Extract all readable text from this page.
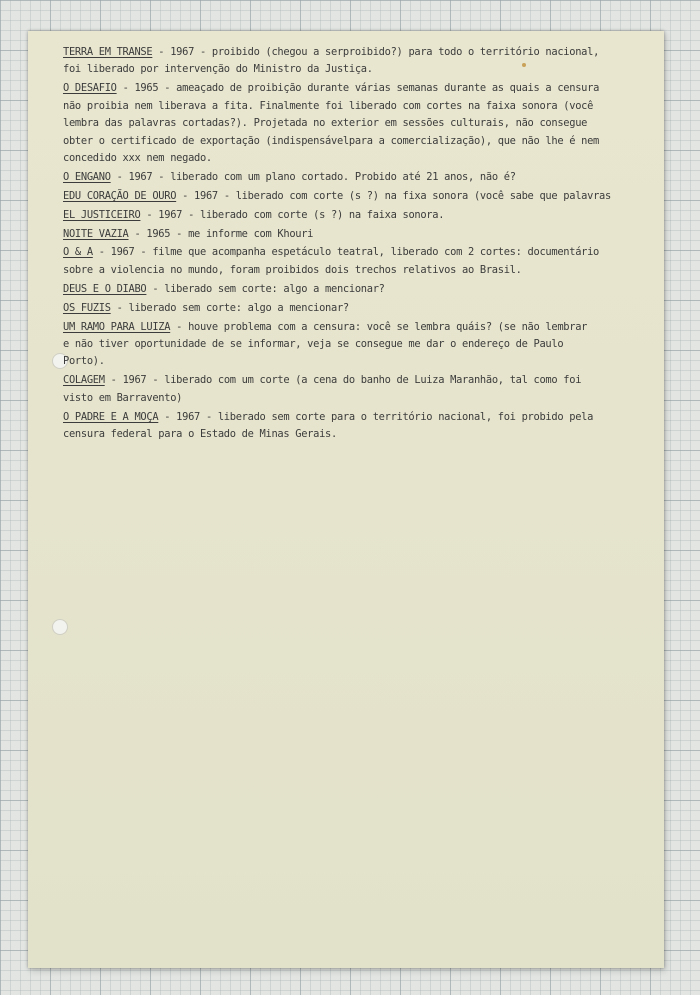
TERRA EM TRANSE - 1967 - proibido (chegou a serproibido?) para todo o território nacional,
foi liberado por intervenção do Ministro da Justiça.

O DESAFIO - 1965 - ameaçado de proibição durante várias semanas durante as quais a censura
não proibia nem liberava a fita. Finalmente foi liberado com cortes na faixa sonora (você
lembra das palavras cortadas?). Projetada no exterior em sessões culturais, não consegue
obter o certificado de exportação (indispensávelpara a comercialização), que não lhe é nem
concedido xxx nem negado.

O ENGANO - 1967 - liberado com um plano cortado. Probido até 21 anos, não é?

EDU CORAÇÃO DE OURO - 1967 - liberado com corte (s ?) na fixa sonora (você sabe que palavras

EL JUSTICEIRO - 1967 - liberado com corte (s ?) na faixa sonora.

NOITE VAZIA - 1965 - me informe com Khouri

O & A - 1967 - filme que acompanha espetáculo teatral, liberado com 2 cortes: documentário
sobre a violencia no mundo, foram proibidos dois trechos relativos ao Brasil.

DEUS E O DIABO - liberado sem corte: algo a mencionar?

OS FUZIS - liberado sem corte: algo a mencionar?

UM RAMO PARA LUIZA - houve problema com a censura: você se lembra quáis? (se não lembrar
e não tiver oportunidade de se informar, veja se consegue me dar o endereço de Paulo
Porto).

COLAGEM - 1967 - liberado com um corte (a cena do banho de Luiza Maranhão, tal como foi
visto em Barravento)

O PADRE E A MOÇA - 1967 - liberado sem corte para o território nacional, foi probido pela
censura federal para o Estado de Minas Gerais.
